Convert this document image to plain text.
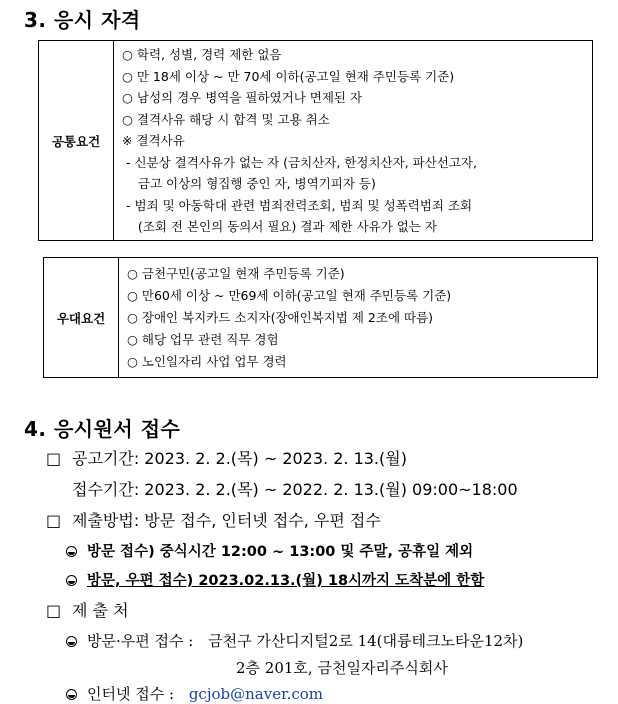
3. 응시 자격
공통요건
○ 학력, 성별, 경력 제한 없음
○ 만 18세 이상 ~ 만 70세 이하(공고일 현재 주민등록 기준)
○ 남성의 경우 병역을 필하였거나 면제된 자
○ 결격사유 해당 시 합격 및 고용 취소
※ 결격사유
- 신분상 결격사유가 없는 자 (금치산자, 한정치산자, 파산선고자,
금고 이상의 형집행 중인 자, 병역기피자 등)
- 범죄 및 아동학대 관련 범죄전력조회, 범죄 및 성폭력범죄 조회
(조회 전 본인의 동의서 필요) 결과 제한 사유가 없는 자
우대요건
○ 금천구민(공고일 현재 주민등록 기준)
○ 만60세 이상 ~ 만69세 이하(공고일 현재 주민등록 기준)
○ 장애인 복지카드 소지자(장애인복지법 제 2조에 따름)
○ 해당 업무 관련 직무 경험
○ 노인일자리 사업 업무 경력
4. 응시원서 접수
□ 공고기간: 2023. 2. 2.(목) ~ 2023. 2. 13.(월)
접수기간: 2023. 2. 2.(목) ~ 2022. 2. 13.(월) 09:00~18:00
□ 제출방법: 방문 접수, 인터넷 접수, 우편 접수
방문 접수) 중식시간 12:00 ~ 13:00 및 주말, 공휴일 제외
방문, 우편 접수) 2023.02.13.(월) 18시까지 도착분에 한함
□ 제 출 처
방문·우편 접수 : 금천구 가산디지털2로 14(대륭테크노타운12차)
2층 201호, 금천일자리주식회사
인터넷 접수 : gcjob@naver.com
